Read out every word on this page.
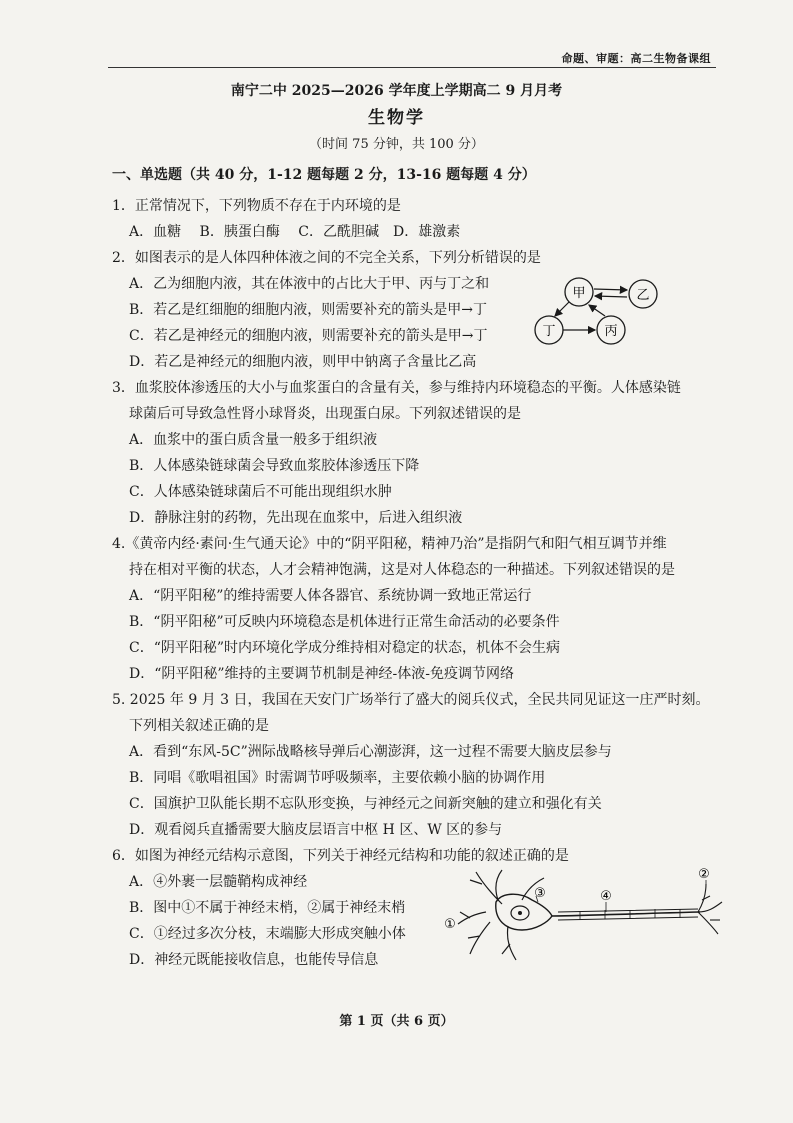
命题、审题：高二生物备课组
南宁二中 2025—2026 学年度上学期高二 9 月月考
生物学
（时间 75 分钟，共 100 分）
一、单选题（共 40 分，1-12 题每题 2 分，13-16 题每题 4 分）
1．正常情况下，下列物质不存在于内环境的是
A．血糖　 B．胰蛋白酶　 C．乙酰胆碱　D．雄激素
2．如图表示的是人体四种体液之间的不完全关系，下列分析错误的是
A．乙为细胞内液，其在体液中的占比大于甲、丙与丁之和
B．若乙是红细胞的细胞内液，则需要补充的箭头是甲→丁
C．若乙是神经元的细胞内液，则需要补充的箭头是甲→丁
D．若乙是神经元的细胞内液，则甲中钠离子含量比乙高
甲	乙
丁	丙
3．血浆胶体渗透压的大小与血浆蛋白的含量有关，参与维持内环境稳态的平衡。人体感染链
球菌后可导致急性肾小球肾炎，出现蛋白尿。下列叙述错误的是
A．血浆中的蛋白质含量一般多于组织液
B．人体感染链球菌会导致血浆胶体渗透压下降
C．人体感染链球菌后不可能出现组织水肿
D．静脉注射的药物，先出现在血浆中，后进入组织液
4.《黄帝内经·素问·生气通天论》中的“阴平阳秘，精神乃治”是指阴气和阳气相互调节并维
持在相对平衡的状态，人才会精神饱满，这是对人体稳态的一种描述。下列叙述错误的是
A．“阴平阳秘”的维持需要人体各器官、系统协调一致地正常运行
B．“阴平阳秘”可反映内环境稳态是机体进行正常生命活动的必要条件
C．“阴平阳秘”时内环境化学成分维持相对稳定的状态，机体不会生病
D．“阴平阳秘”维持的主要调节机制是神经-体液-免疫调节网络
5. 2025 年 9 月 3 日，我国在天安门广场举行了盛大的阅兵仪式，全民共同见证这一庄严时刻。
下列相关叙述正确的是
A．看到“东风-5C”洲际战略核导弹后心潮澎湃，这一过程不需要大脑皮层参与
B．同唱《歌唱祖国》时需调节呼吸频率，主要依赖小脑的协调作用
C．国旗护卫队能长期不忘队形变换，与神经元之间新突触的建立和强化有关
D．观看阅兵直播需要大脑皮层语言中枢 H 区、W 区的参与
6．如图为神经元结构示意图，下列关于神经元结构和功能的叙述正确的是
A．④外裹一层髓鞘构成神经
B．图中①不属于神经末梢，②属于神经末梢
C．①经过多次分枝，末端膨大形成突触小体
D．神经元既能接收信息，也能传导信息
①
②
③	④
第 1 页（共 6 页）
